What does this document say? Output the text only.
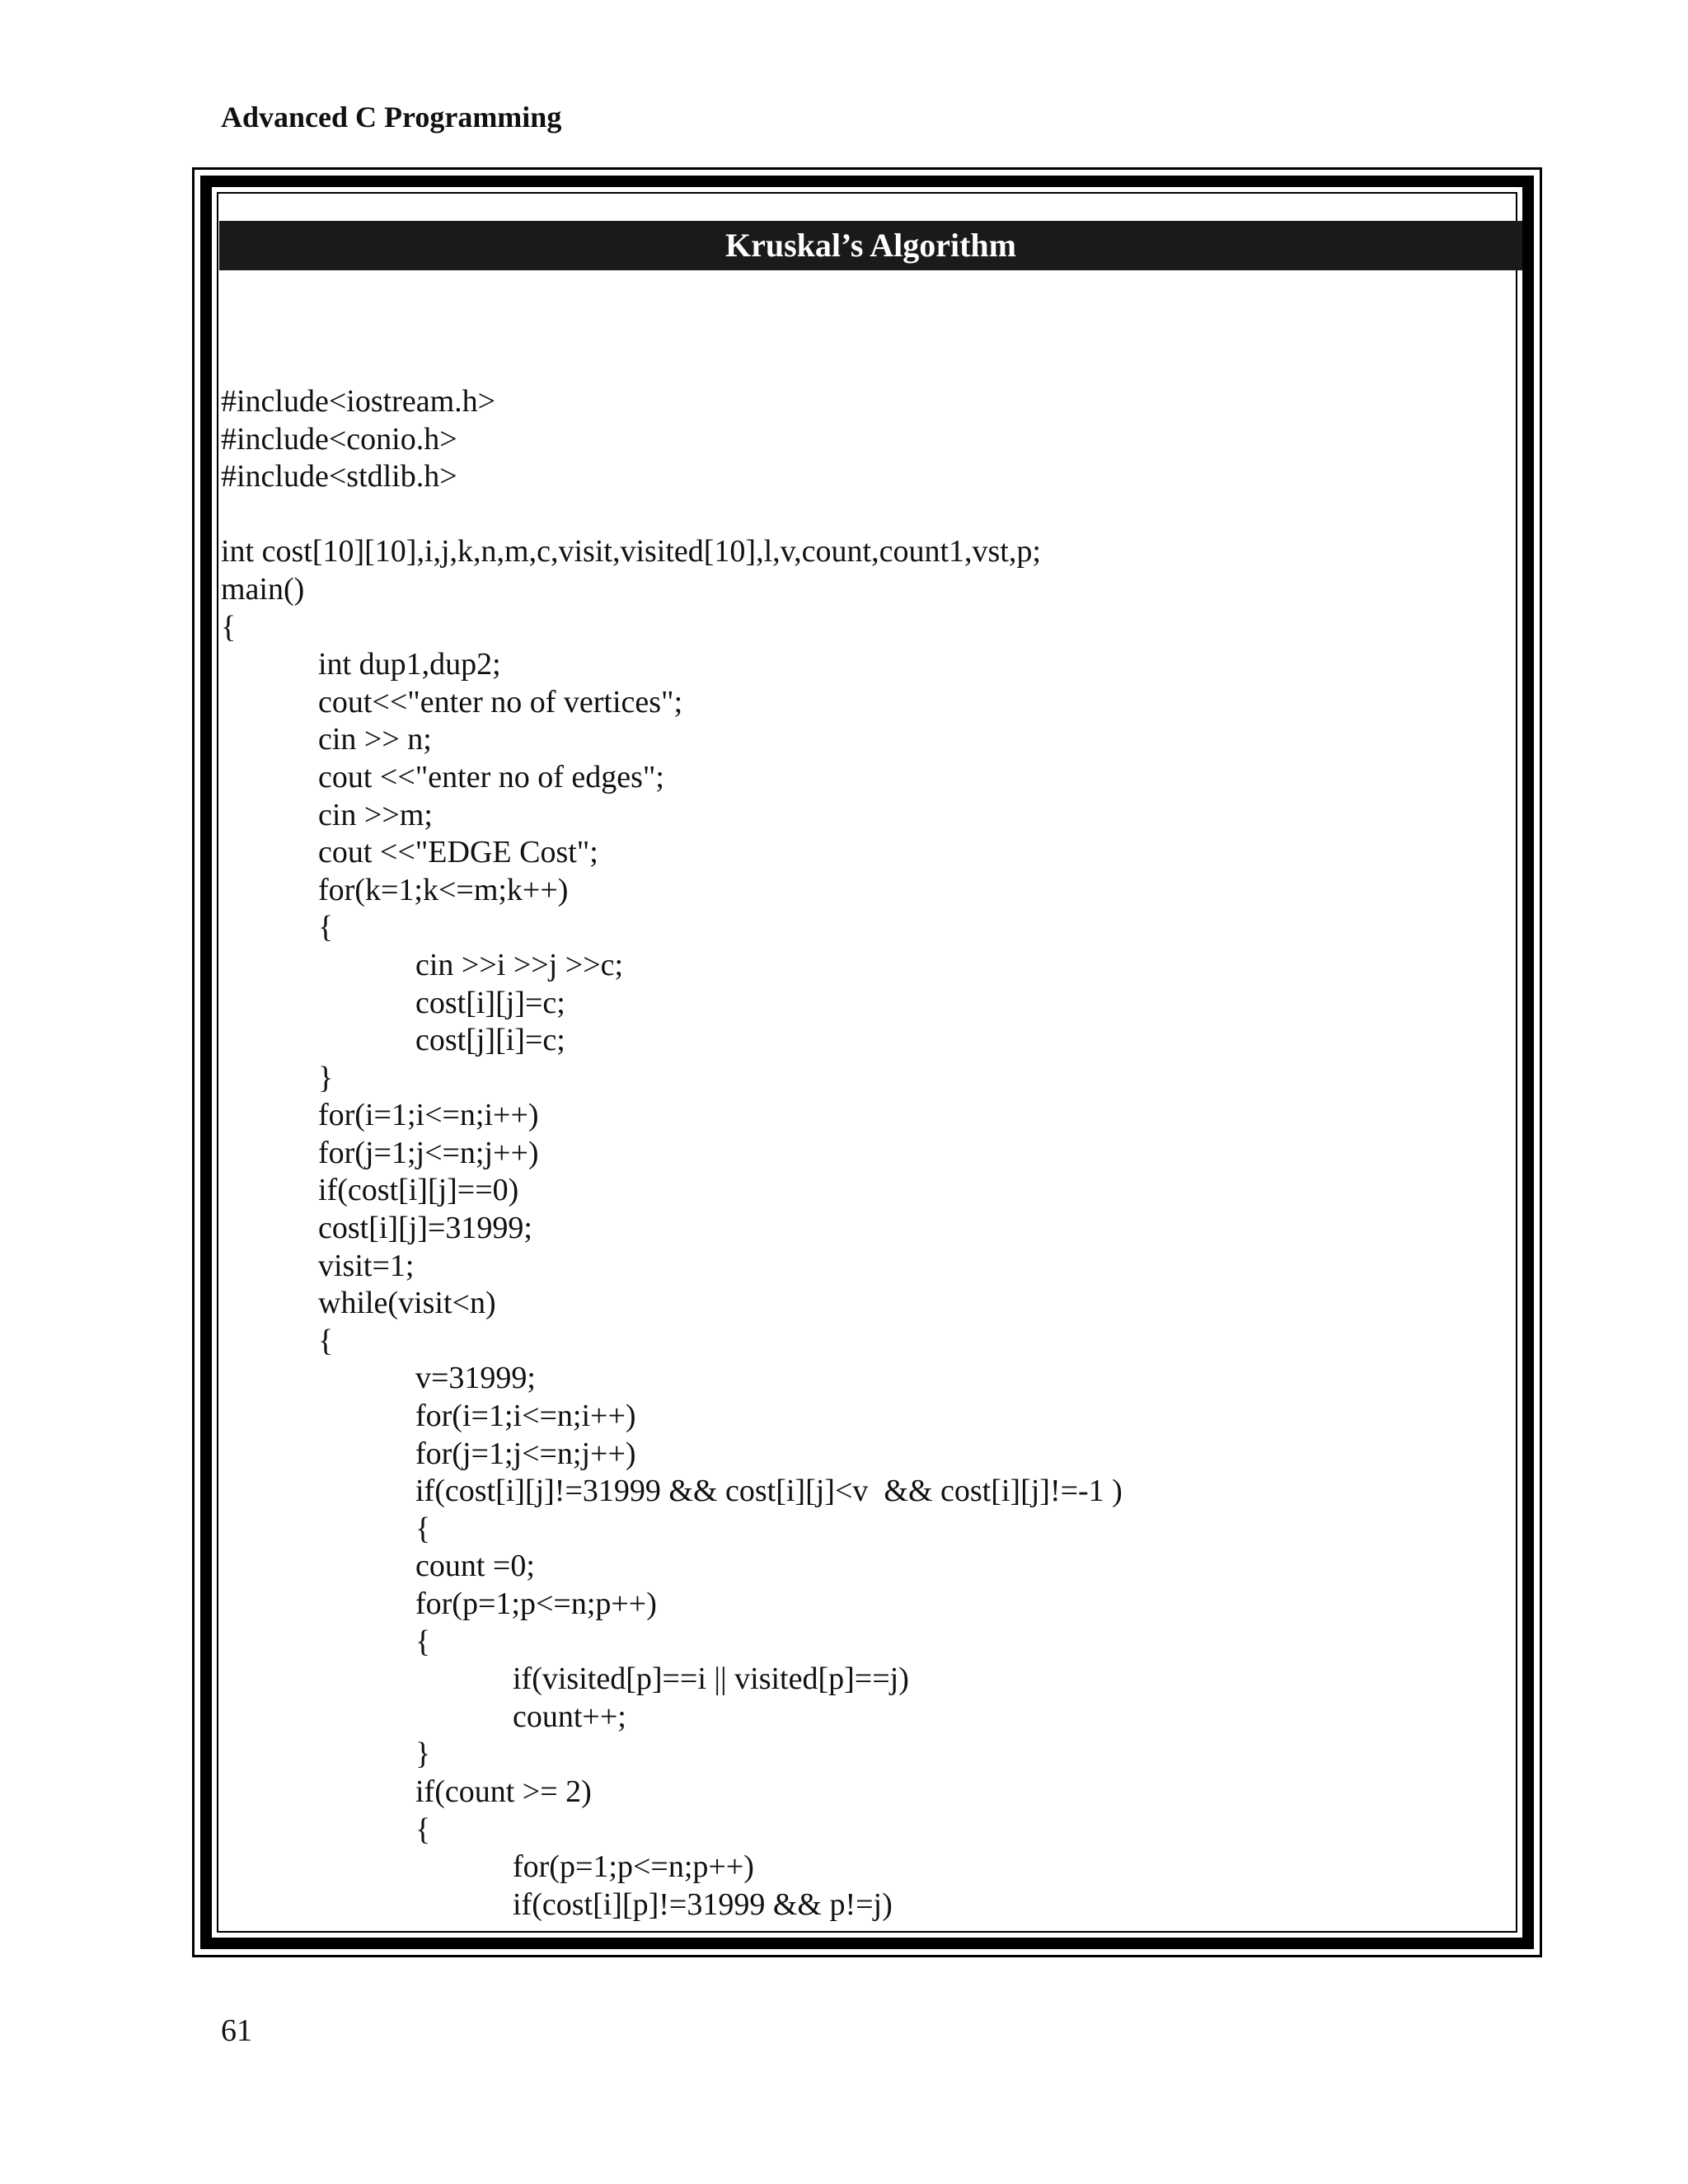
Advanced C Programming
Kruskal’s Algorithm
#include<iostream.h>
#include<conio.h>
#include<stdlib.h>
int cost[10][10],i,j,k,n,m,c,visit,visited[10],l,v,count,count1,vst,p;
main()
{
int dup1,dup2;
cout<<"enter no of vertices";
cin >> n;
cout <<"enter no of edges";
cin >>m;
cout <<"EDGE Cost";
for(k=1;k<=m;k++)
{
cin >>i >>j >>c;
cost[i][j]=c;
cost[j][i]=c;
}
for(i=1;i<=n;i++)
for(j=1;j<=n;j++)
if(cost[i][j]==0)
cost[i][j]=31999;
visit=1;
while(visit<n)
{
v=31999;
for(i=1;i<=n;i++)
for(j=1;j<=n;j++)
if(cost[i][j]!=31999 && cost[i][j]<v  && cost[i][j]!=-1 )
{
count =0;
for(p=1;p<=n;p++)
{
if(visited[p]==i || visited[p]==j)
count++;
}
if(count >= 2)
{
for(p=1;p<=n;p++)
if(cost[i][p]!=31999 && p!=j)
61
